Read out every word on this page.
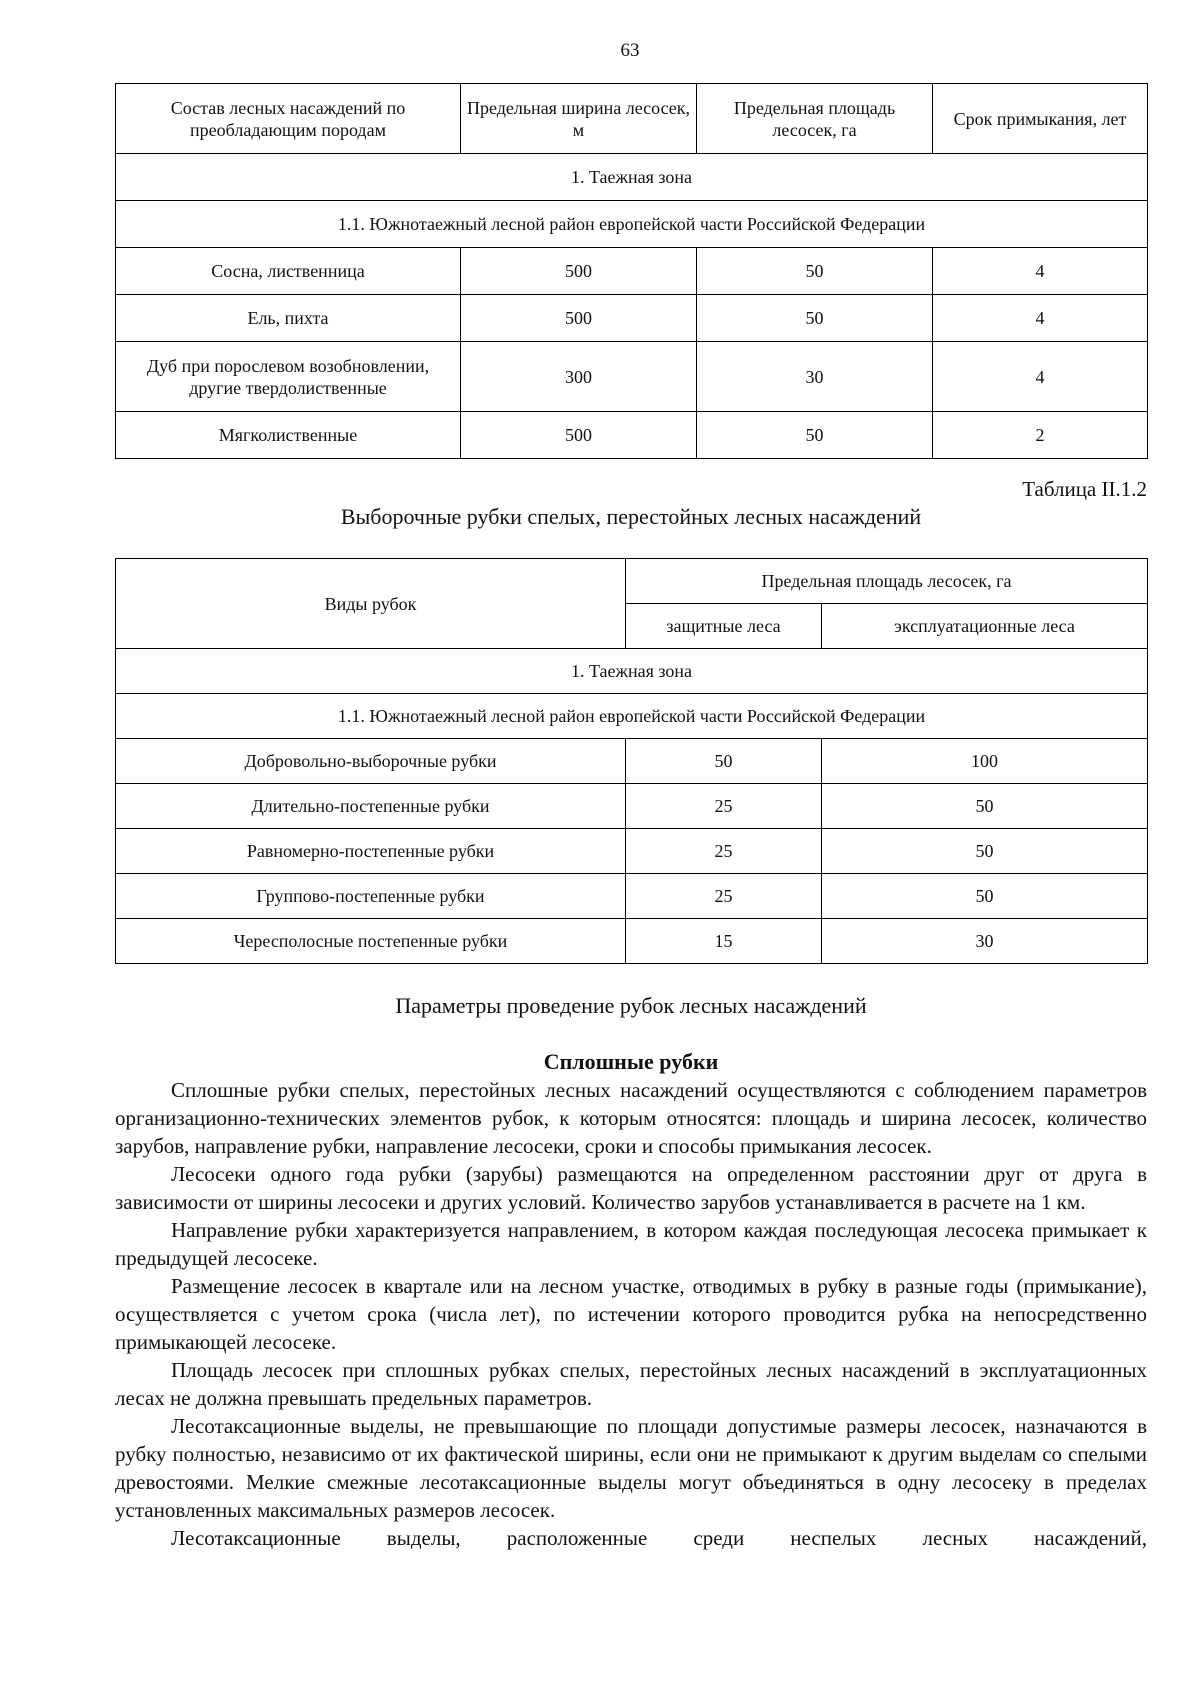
63
Состав лесных насаждений по преобладающим породам	Предельная ширина лесосек, м	Предельная площадь лесосек, га	Срок примыкания, лет
1. Таежная зона			
1.1. Южнотаежный лесной район европейской части Российской Федерации			
Сосна, лиственница	500	50	4
Ель, пихта	500	50	4
Дуб при порослевом возобновлении, другие твердолиственные	300	30	4
Мягколиственные	500	50	2
Таблица II.1.2
Выборочные рубки спелых, перестойных лесных насаждений
Виды рубок	Предельная площадь лесосек, га	
	защитные леса	эксплуатационные леса
1. Таежная зона		
1.1. Южнотаежный лесной район европейской части Российской Федерации		
Добровольно-выборочные рубки	50	100
Длительно-постепенные рубки	25	50
Равномерно-постепенные рубки	25	50
Группово-постепенные рубки	25	50
Чересполосные постепенные рубки	15	30
Параметры проведение рубок лесных насаждений
Сплошные рубки

Сплошные рубки спелых, перестойных лесных насаждений осуществляются с соблюдением параметров организационно-технических элементов рубок, к которым относятся: площадь и ширина лесосек, количество зарубов, направление рубки, направление лесосеки, сроки и способы примыкания лесосек.

Лесосеки одного года рубки (зарубы) размещаются на определенном расстоянии друг от друга в зависимости от ширины лесосеки и других условий. Количество зарубов устанавливается в расчете на 1 км.

Направление рубки характеризуется направлением, в котором каждая последующая лесосека примыкает к предыдущей лесосеке.

Размещение лесосек в квартале или на лесном участке, отводимых в рубку в разные годы (примыкание), осуществляется с учетом срока (числа лет), по истечении которого проводится рубка на непосредственно примыкающей лесосеке.

Площадь лесосек при сплошных рубках спелых, перестойных лесных насаждений в эксплуатационных лесах не должна превышать предельных параметров.

Лесотаксационные выделы, не превышающие по площади допустимые размеры лесосек, назначаются в рубку полностью, независимо от их фактической ширины, если они не примыкают к другим выделам со спелыми древостоями. Мелкие смежные лесотаксационные выделы могут объединяться в одну лесосеку в пределах установленных максимальных размеров лесосек.

Лесотаксационные выделы, расположенные среди неспелых лесных насаждений,
